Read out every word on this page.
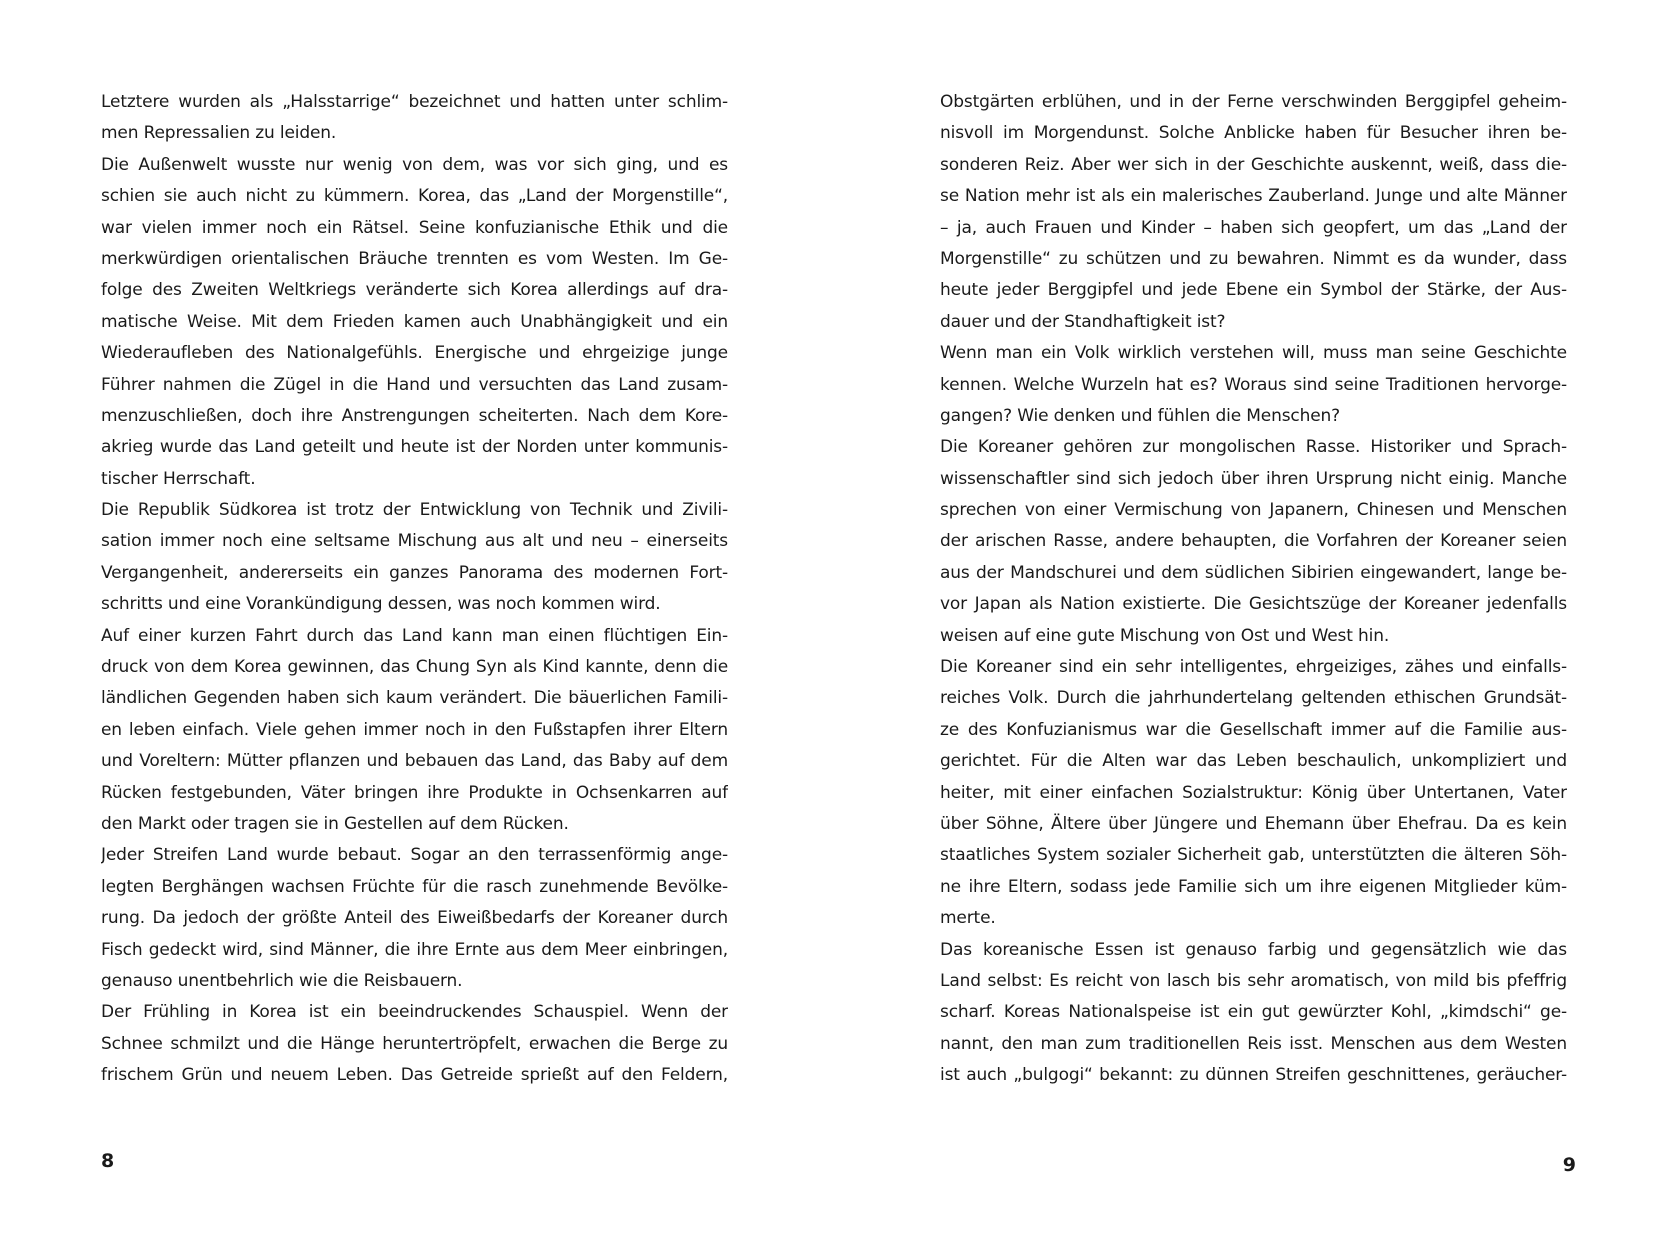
Letztere wurden als „Halsstarrige“ bezeichnet und hatten unter schlim-
men Repressalien zu leiden.
Die Außenwelt wusste nur wenig von dem, was vor sich ging, und es
schien sie auch nicht zu kümmern. Korea, das „Land der Morgenstille“,
war vielen immer noch ein Rätsel. Seine konfuzianische Ethik und die
merkwürdigen orientalischen Bräuche trennten es vom Westen. Im Ge-
folge des Zweiten Weltkriegs veränderte sich Korea allerdings auf dra-
matische Weise. Mit dem Frieden kamen auch Unabhängigkeit und ein
Wiederaufleben des Nationalgefühls. Energische und ehrgeizige junge
Führer nahmen die Zügel in die Hand und versuchten das Land zusam-
menzuschließen, doch ihre Anstrengungen scheiterten. Nach dem Kore-
akrieg wurde das Land geteilt und heute ist der Norden unter kommunis-
tischer Herrschaft.
Die Republik Südkorea ist trotz der Entwicklung von Technik und Zivili-
sation immer noch eine seltsame Mischung aus alt und neu – einerseits
Vergangenheit, andererseits ein ganzes Panorama des modernen Fort-
schritts und eine Vorankündigung dessen, was noch kommen wird.
Auf einer kurzen Fahrt durch das Land kann man einen flüchtigen Ein-
druck von dem Korea gewinnen, das Chung Syn als Kind kannte, denn die
ländlichen Gegenden haben sich kaum verändert. Die bäuerlichen Famili-
en leben einfach. Viele gehen immer noch in den Fußstapfen ihrer Eltern
und Voreltern: Mütter pflanzen und bebauen das Land, das Baby auf dem
Rücken festgebunden, Väter bringen ihre Produkte in Ochsenkarren auf
den Markt oder tragen sie in Gestellen auf dem Rücken.
Jeder Streifen Land wurde bebaut. Sogar an den terrassenförmig ange-
legten Berghängen wachsen Früchte für die rasch zunehmende Bevölke-
rung. Da jedoch der größte Anteil des Eiweißbedarfs der Koreaner durch
Fisch gedeckt wird, sind Männer, die ihre Ernte aus dem Meer einbringen,
genauso unentbehrlich wie die Reisbauern.
Der Frühling in Korea ist ein beeindruckendes Schauspiel. Wenn der
Schnee schmilzt und die Hänge heruntertröpfelt, erwachen die Berge zu
frischem Grün und neuem Leben. Das Getreide sprießt auf den Feldern,
8
Obstgärten erblühen, und in der Ferne verschwinden Berggipfel geheim-
nisvoll im Morgendunst. Solche Anblicke haben für Besucher ihren be-
sonderen Reiz. Aber wer sich in der Geschichte auskennt, weiß, dass die-
se Nation mehr ist als ein malerisches Zauberland. Junge und alte Männer
– ja, auch Frauen und Kinder – haben sich geopfert, um das „Land der
Morgenstille“ zu schützen und zu bewahren. Nimmt es da wunder, dass
heute jeder Berggipfel und jede Ebene ein Symbol der Stärke, der Aus-
dauer und der Standhaftigkeit ist?
Wenn man ein Volk wirklich verstehen will, muss man seine Geschichte
kennen. Welche Wurzeln hat es? Woraus sind seine Traditionen hervorge-
gangen? Wie denken und fühlen die Menschen?
Die Koreaner gehören zur mongolischen Rasse. Historiker und Sprach-
wissenschaftler sind sich jedoch über ihren Ursprung nicht einig. Manche
sprechen von einer Vermischung von Japanern, Chinesen und Menschen
der arischen Rasse, andere behaupten, die Vorfahren der Koreaner seien
aus der Mandschurei und dem südlichen Sibirien eingewandert, lange be-
vor Japan als Nation existierte. Die Gesichtszüge der Koreaner jedenfalls
weisen auf eine gute Mischung von Ost und West hin.
Die Koreaner sind ein sehr intelligentes, ehrgeiziges, zähes und einfalls-
reiches Volk. Durch die jahrhundertelang geltenden ethischen Grundsät-
ze des Konfuzianismus war die Gesellschaft immer auf die Familie aus-
gerichtet. Für die Alten war das Leben beschaulich, unkompliziert und
heiter, mit einer einfachen Sozialstruktur: König über Untertanen, Vater
über Söhne, Ältere über Jüngere und Ehemann über Ehefrau. Da es kein
staatliches System sozialer Sicherheit gab, unterstützten die älteren Söh-
ne ihre Eltern, sodass jede Familie sich um ihre eigenen Mitglieder küm-
merte.
Das koreanische Essen ist genauso farbig und gegensätzlich wie das
Land selbst: Es reicht von lasch bis sehr aromatisch, von mild bis pfeffrig
scharf. Koreas Nationalspeise ist ein gut gewürzter Kohl, „kimdschi“ ge-
nannt, den man zum traditionellen Reis isst. Menschen aus dem Westen
ist auch „bulgogi“ bekannt: zu dünnen Streifen geschnittenes, geräucher-
9
